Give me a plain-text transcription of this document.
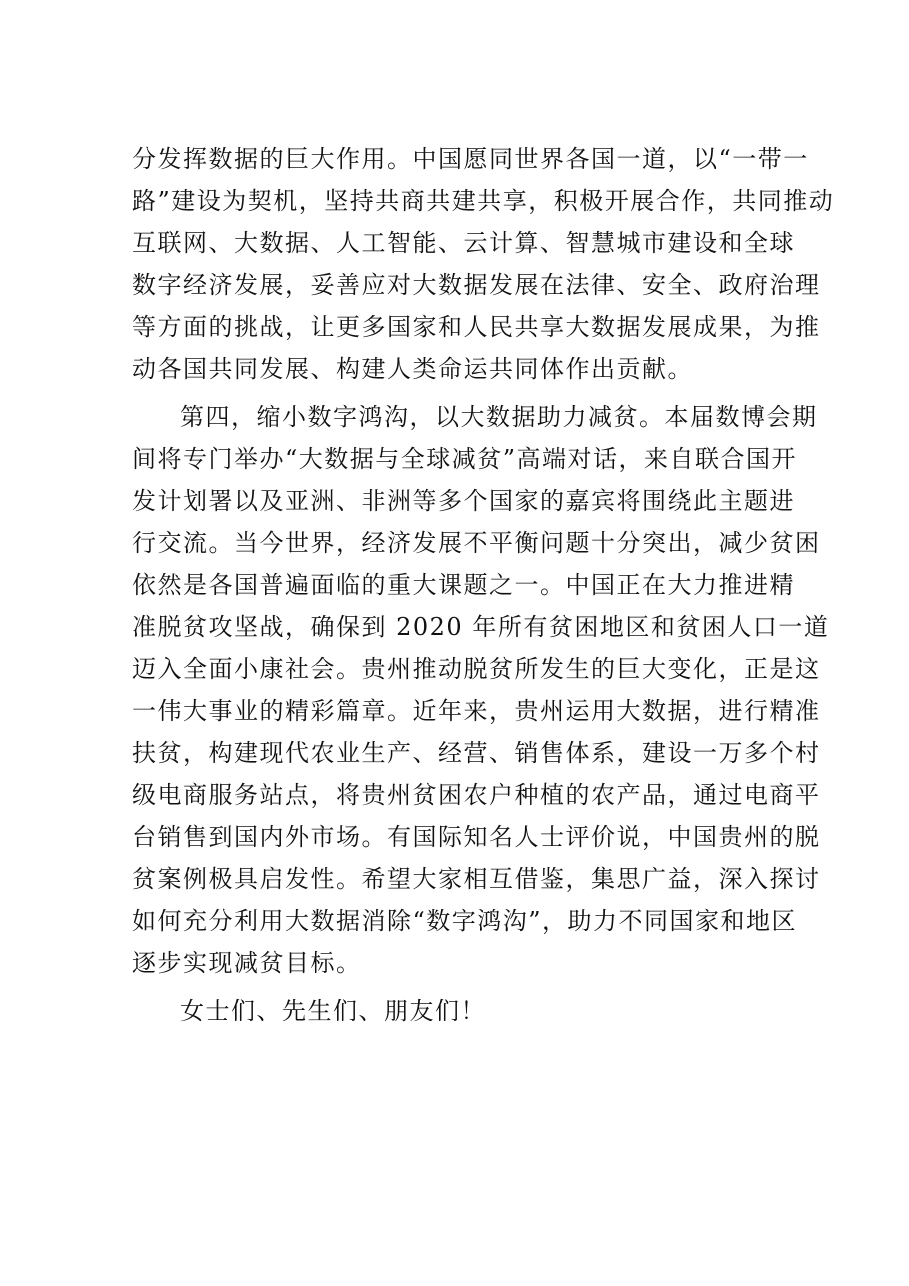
分发挥数据的巨大作用。中国愿同世界各国一道，以“一带一
路”建设为契机，坚持共商共建共享，积极开展合作，共同推动
互联网、大数据、人工智能、云计算、智慧城市建设和全球
数字经济发展，妥善应对大数据发展在法律、安全、政府治理
等方面的挑战，让更多国家和人民共享大数据发展成果，为推
动各国共同发展、构建人类命运共同体作出贡献。
第四，缩小数字鸿沟，以大数据助力减贫。本届数博会期
间将专门举办“大数据与全球减贫”高端对话，来自联合国开
发计划署以及亚洲、非洲等多个国家的嘉宾将围绕此主题进
行交流。当今世界，经济发展不平衡问题十分突出，减少贫困
依然是各国普遍面临的重大课题之一。中国正在大力推进精
准脱贫攻坚战，确保到 2020 年所有贫困地区和贫困人口一道
迈入全面小康社会。贵州推动脱贫所发生的巨大变化，正是这
一伟大事业的精彩篇章。近年来，贵州运用大数据，进行精准
扶贫，构建现代农业生产、经营、销售体系，建设一万多个村
级电商服务站点，将贵州贫困农户种植的农产品，通过电商平
台销售到国内外市场。有国际知名人士评价说，中国贵州的脱
贫案例极具启发性。希望大家相互借鉴，集思广益，深入探讨
如何充分利用大数据消除“数字鸿沟”，助力不同国家和地区
逐步实现减贫目标。
女士们、先生们、朋友们！
